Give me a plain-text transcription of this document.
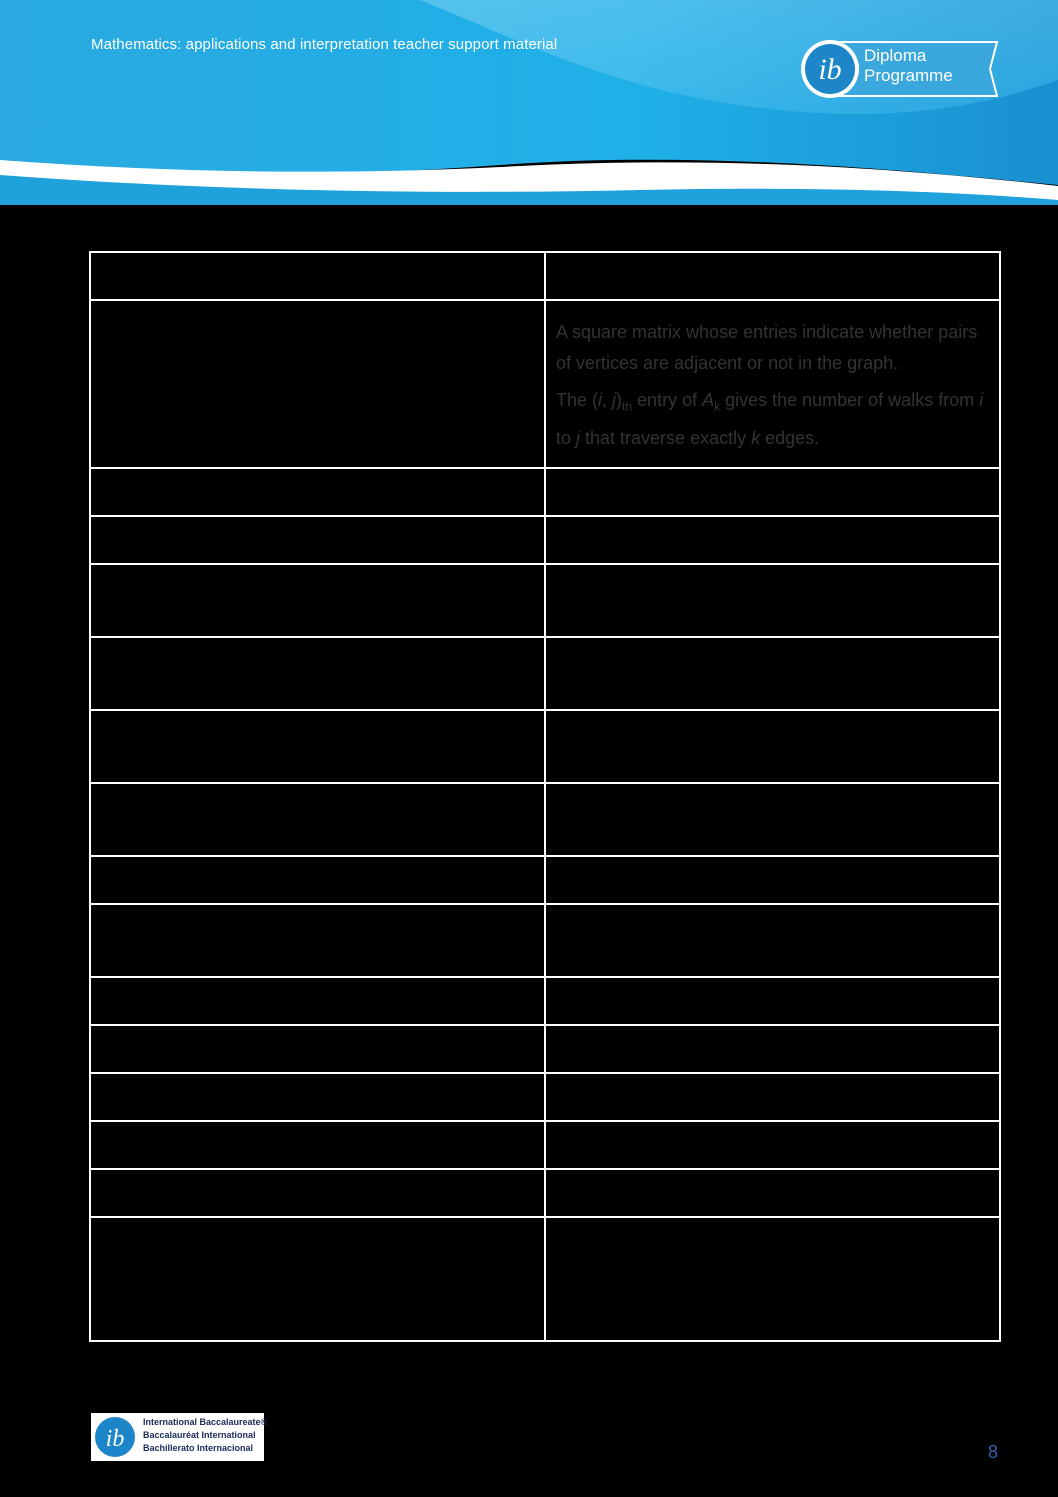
Mathematics: applications and interpretation teacher support material
ib Diploma
Programme

	A square matrix whose entries indicate whether pairs of vertices are adjacent or not in the graph.

The (i, $j)_{th}$ entry of $A_k$ gives the number of walks from i to j that traverse exactly k edges.

ib
International Baccalaureate®
Baccalauréat International
Bachillerato Internacional	8
